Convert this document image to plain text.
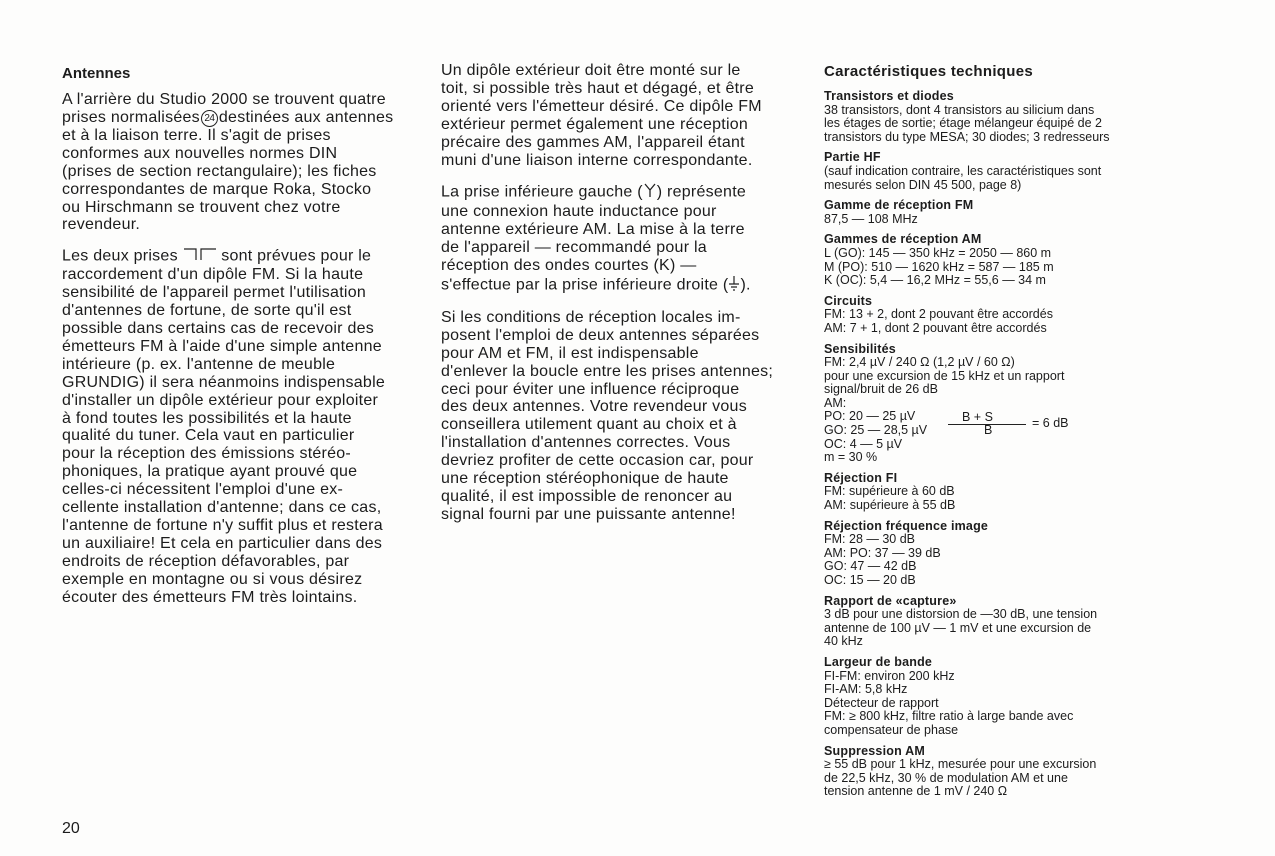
Antennes
A l'arrière du Studio 2000 se trouvent quatre
prises normalisées 24 destinées aux antennes
et à la liaison terre. Il s'agit de prises
conformes aux nouvelles normes DIN
(prises de section rectangulaire); les fiches
correspondantes de marque Roka, Stocko
ou Hirschmann se trouvent chez votre
revendeur.
Les deux prises  sont prévues pour le
raccordement d'un dipôle FM. Si la haute
sensibilité de l'appareil permet l'utilisation
d'antennes de fortune, de sorte qu'il est
possible dans certains cas de recevoir des
émetteurs FM à l'aide d'une simple antenne
intérieure (p. ex. l'antenne de meuble
GRUNDIG) il sera néanmoins indispensable
d'installer un dipôle extérieur pour exploiter
à fond toutes les possibilités et la haute
qualité du tuner. Cela vaut en particulier
pour la réception des émissions stéréo-
phoniques, la pratique ayant prouvé que
celles-ci nécessitent l'emploi d'une ex-
cellente installation d'antenne; dans ce cas,
l'antenne de fortune n'y suffit plus et restera
un auxiliaire! Et cela en particulier dans des
endroits de réception défavorables, par
exemple en montagne ou si vous désirez
écouter des émetteurs FM très lointains.
Un dipôle extérieur doit être monté sur le
toit, si possible très haut et dégagé, et être
orienté vers l'émetteur désiré. Ce dipôle FM
extérieur permet également une réception
précaire des gammes AM, l'appareil étant
muni d'une liaison interne correspondante.
La prise inférieure gauche ( ) représente
une connexion haute inductance pour
antenne extérieure AM. La mise à la terre
de l'appareil — recommandé pour la
réception des ondes courtes (K) —
s'effectue par la prise inférieure droite ( ).
Si les conditions de réception locales im-
posent l'emploi de deux antennes séparées
pour AM et FM, il est indispensable
d'enlever la boucle entre les prises antennes;
ceci pour éviter une influence réciproque
des deux antennes. Votre revendeur vous
conseillera utilement quant au choix et à
l'installation d'antennes correctes. Vous
devriez profiter de cette occasion car, pour
une réception stéréophonique de haute
qualité, il est impossible de renoncer au
signal fourni par une puissante antenne!
Caractéristiques techniques
Transistors et diodes
38 transistors, dont 4 transistors au silicium dans
les étages de sortie; étage mélangeur équipé de 2
transistors du type MESA; 30 diodes; 3 redresseurs
Partie HF
(sauf indication contraire, les caractéristiques sont
mesurés selon DIN 45 500, page 8)
Gamme de réception FM
87,5 — 108 MHz
Gammes de réception AM
L (GO): 145 — 350 kHz = 2050 — 860 m
M (PO): 510 — 1620 kHz = 587 — 185 m
K (OC): 5,4 — 16,2 MHz = 55,6 — 34 m
Circuits
FM: 13 + 2, dont 2 pouvant être accordés
AM: 7 + 1, dont 2 pouvant être accordés
Sensibilités
FM: 2,4 µV / 240 Ω (1,2 µV / 60 Ω)
pour une excursion de 15 kHz et un rapport
signal/bruit de 26 dB
AM:
PO: 20 — 25 µV
GO: 25 — 28,5 µV
OC: 4 — 5 µV
B + S
B	= 6 dB
m = 30 %
Réjection FI
FM: supérieure à 60 dB
AM: supérieure à 55 dB
Réjection fréquence image
FM: 28 — 30 dB
AM: PO: 37 — 39 dB
GO: 47 — 42 dB
OC: 15 — 20 dB
Rapport de «capture»
3 dB pour une distorsion de —30 dB, une tension
antenne de 100 µV — 1 mV et une excursion de
40 kHz
Largeur de bande
FI-FM: environ 200 kHz
FI-AM: 5,8 kHz
Détecteur de rapport
FM: ≥ 800 kHz, filtre ratio à large bande avec
compensateur de phase
Suppression AM
≥ 55 dB pour 1 kHz, mesurée pour une excursion
de 22,5 kHz, 30 % de modulation AM et une
tension antenne de 1 mV / 240 Ω
20
